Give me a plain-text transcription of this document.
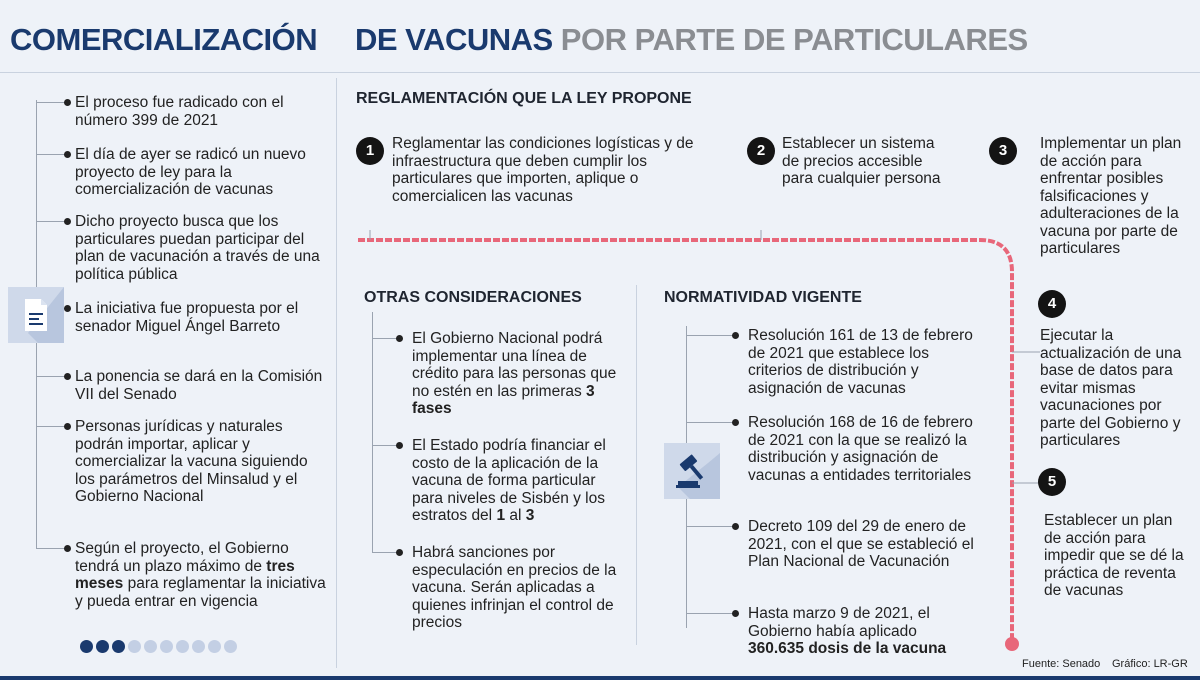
COMERCIALIZACIÓN DE VACUNAS POR PARTE DE PARTICULARES
El proceso fue radicado con el número 399 de 2021
El día de ayer se radicó un nuevo proyecto de ley para la comercialización de vacunas
Dicho proyecto busca que los particulares puedan participar del plan de vacunación a través de una política pública
La iniciativa fue propuesta por el senador Miguel Ángel Barreto
La ponencia se dará en la Comisión VII del Senado
Personas jurídicas y naturales podrán importar, aplicar y comercializar la vacuna siguiendo los parámetros del Minsalud y el Gobierno Nacional
Según el proyecto, el Gobierno tendrá un plazo máximo de tres meses para reglamentar la iniciativa y pueda entrar en vigencia
REGLAMENTACIÓN QUE LA LEY PROPONE
1	Reglamentar las condiciones logísticas y de infraestructura que deben cumplir los particulares que importen, aplique o comercialicen las vacunas
2	Establecer un sistema de precios accesible para cualquier persona
3	Implementar un plan de acción para enfrentar posibles falsificaciones y adulteraciones de la vacuna por parte de particulares
4
Ejecutar la actualización de una base de datos para evitar mismas vacunaciones por parte del Gobierno y particulares
5
Establecer un plan de acción para impedir que se dé la práctica de reventa de vacunas
OTRAS CONSIDERACIONES
El Gobierno Nacional podrá implementar una línea de crédito para las personas que no estén en las primeras 3 fases
El Estado podría financiar el costo de la aplicación de la vacuna de forma particular para niveles de Sisbén y los estratos del 1 al 3
Habrá sanciones por especulación en precios de la vacuna. Serán aplicadas a quienes infrinjan el control de precios
NORMATIVIDAD VIGENTE
Resolución 161 de 13 de febrero de 2021 que establece los criterios de distribución y asignación de vacunas
Resolución 168 de 16 de febrero de 2021 con la que se realizó la distribución y asignación de vacunas a entidades territoriales
Decreto 109 del 29 de enero de 2021, con el que se estableció el Plan Nacional de Vacunación
Hasta marzo 9 de 2021, el Gobierno había aplicado 360.635 dosis de la vacuna
Fuente: Senado Gráfico: LR-GR
